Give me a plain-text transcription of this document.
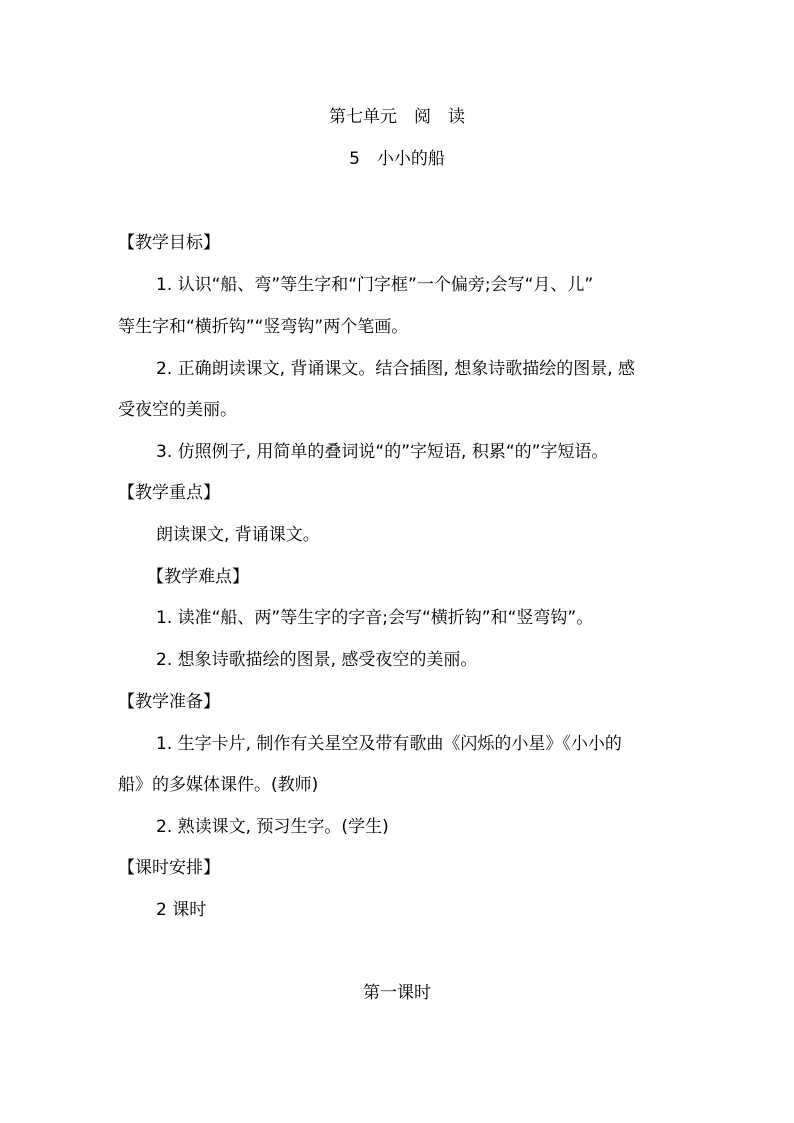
第七单元　阅　读
5　小小的船
【教学目标】
1. 认识“船、弯”等生字和“门字框”一个偏旁;会写“月、儿”
等生字和“横折钩”“竖弯钩”两个笔画。
2. 正确朗读课文, 背诵课文。结合插图, 想象诗歌描绘的图景, 感
受夜空的美丽。
3. 仿照例子, 用简单的叠词说“的”字短语, 积累“的”字短语。
【教学重点】
朗读课文, 背诵课文。
【教学难点】
1. 读准“船、两”等生字的字音;会写“横折钩”和“竖弯钩”。
2. 想象诗歌描绘的图景, 感受夜空的美丽。
【教学准备】
1. 生字卡片, 制作有关星空及带有歌曲《闪烁的小星》《小小的
船》的多媒体课件。(教师)
2. 熟读课文, 预习生字。(学生)
【课时安排】
2 课时
第一课时
